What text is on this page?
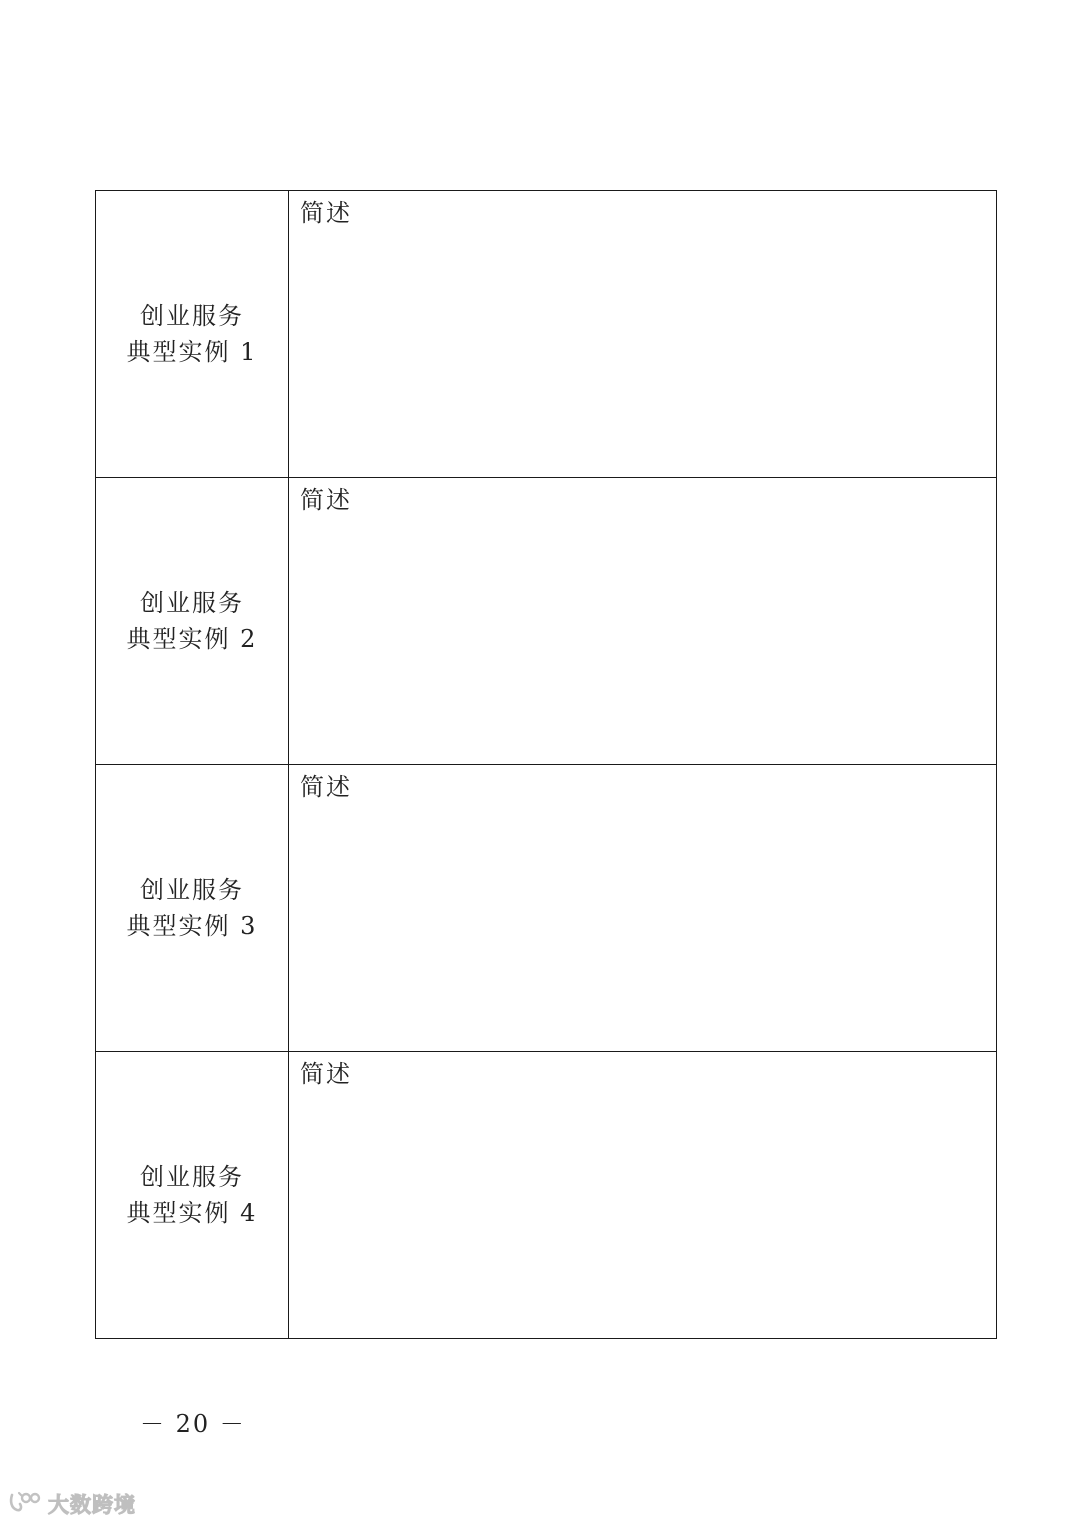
创业服务
典型实例 1	简述

创业服务
典型实例 2	简述

创业服务
典型实例 3	简述

创业服务
典型实例 4	简述
－ 20 －
大数跨境
